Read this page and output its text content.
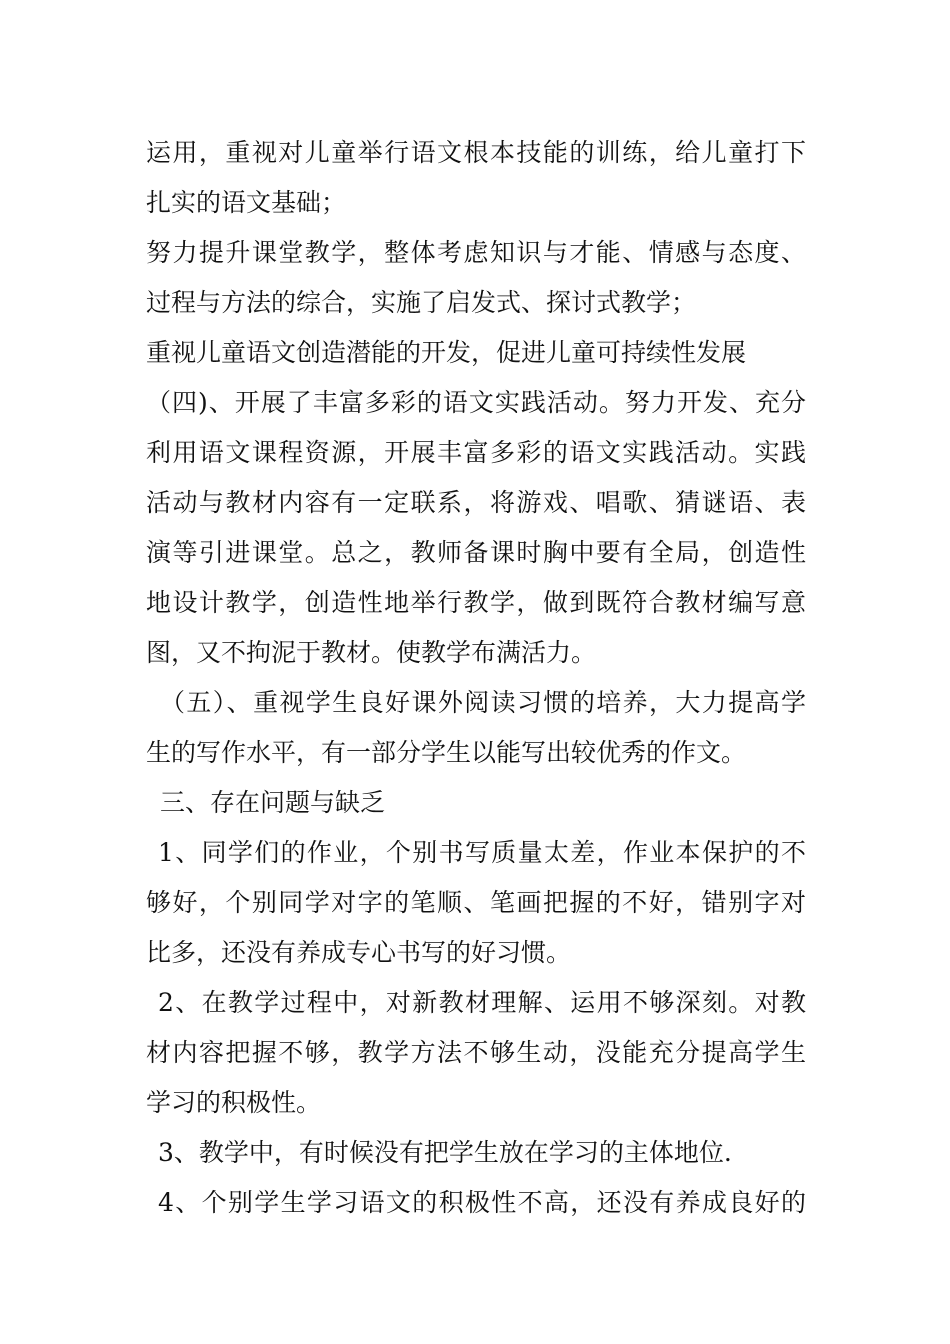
运用，重视对儿童举行语文根本技能的训练，给儿童打下
扎实的语文基础；
努力提升课堂教学，整体考虑知识与才能、情感与态度、
过程与方法的综合，实施了启发式、探讨式教学；
重视儿童语文创造潜能的开发，促进儿童可持续性发展
（四)、开展了丰富多彩的语文实践活动。努力开发、充分
利用语文课程资源，开展丰富多彩的语文实践活动。实践
活动与教材内容有一定联系，将游戏、唱歌、猜谜语、表
演等引进课堂。总之，教师备课时胸中要有全局，创造性
地设计教学，创造性地举行教学，做到既符合教材编写意
图，又不拘泥于教材。使教学布满活力。
（五）、重视学生良好课外阅读习惯的培养，大力提高学
生的写作水平，有一部分学生以能写出较优秀的作文。
三、存在问题与缺乏
1、同学们的作业，个别书写质量太差，作业本保护的不
够好，个别同学对字的笔顺、笔画把握的不好，错别字对
比多，还没有养成专心书写的好习惯。
2、在教学过程中，对新教材理解、运用不够深刻。对教
材内容把握不够，教学方法不够生动，没能充分提高学生
学习的积极性。
3、教学中，有时候没有把学生放在学习的主体地位.
4、个别学生学习语文的积极性不高，还没有养成良好的
